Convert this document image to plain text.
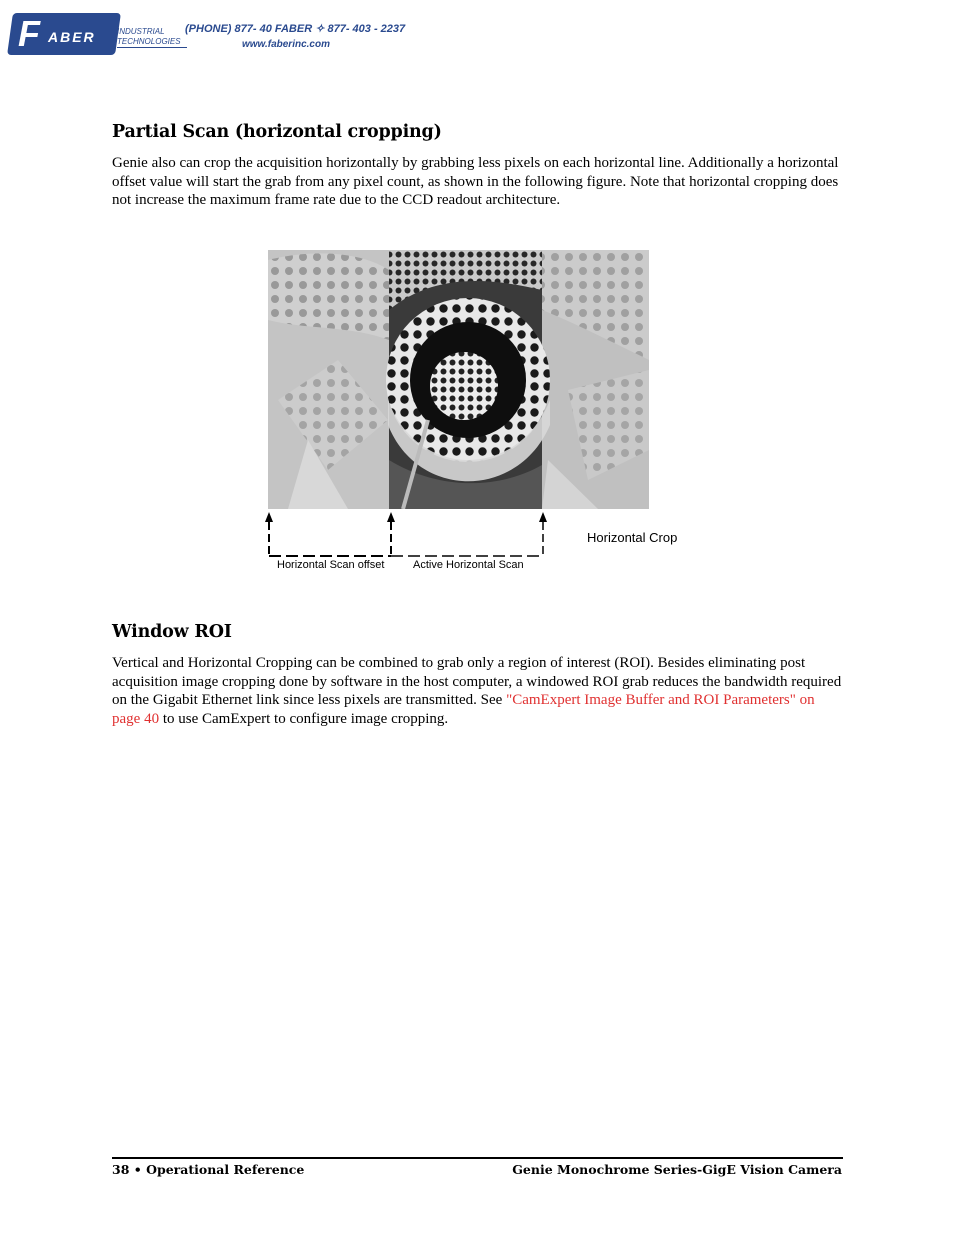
F ABER	INDUSTRIAL
TECHNOLOGIES
(PHONE) 877- 40 FABER ✧ 877- 403 - 2237
www.faberinc.com
Partial Scan (horizontal cropping)

Genie also can crop the acquisition horizontally by grabbing less pixels on each horizontal line. Additionally a horizontal offset value will start the grab from any pixel count, as shown in the following figure. Note that horizontal cropping does not increase the maximum frame rate due to the CCD readout architecture.

Horizontal Crop
Horizontal Scan offset	Active Horizontal Scan
Window ROI

Vertical and Horizontal Cropping can be combined to grab only a region of interest (ROI). Besides eliminating post acquisition image cropping done by software in the host computer, a windowed ROI grab reduces the bandwidth required on the Gigabit Ethernet link since less pixels are transmitted. See "CamExpert Image Buffer and ROI Parameters" on page 40 to use CamExpert to configure image cropping.

38 • Operational Reference	Genie Monochrome Series-GigE Vision Camera
